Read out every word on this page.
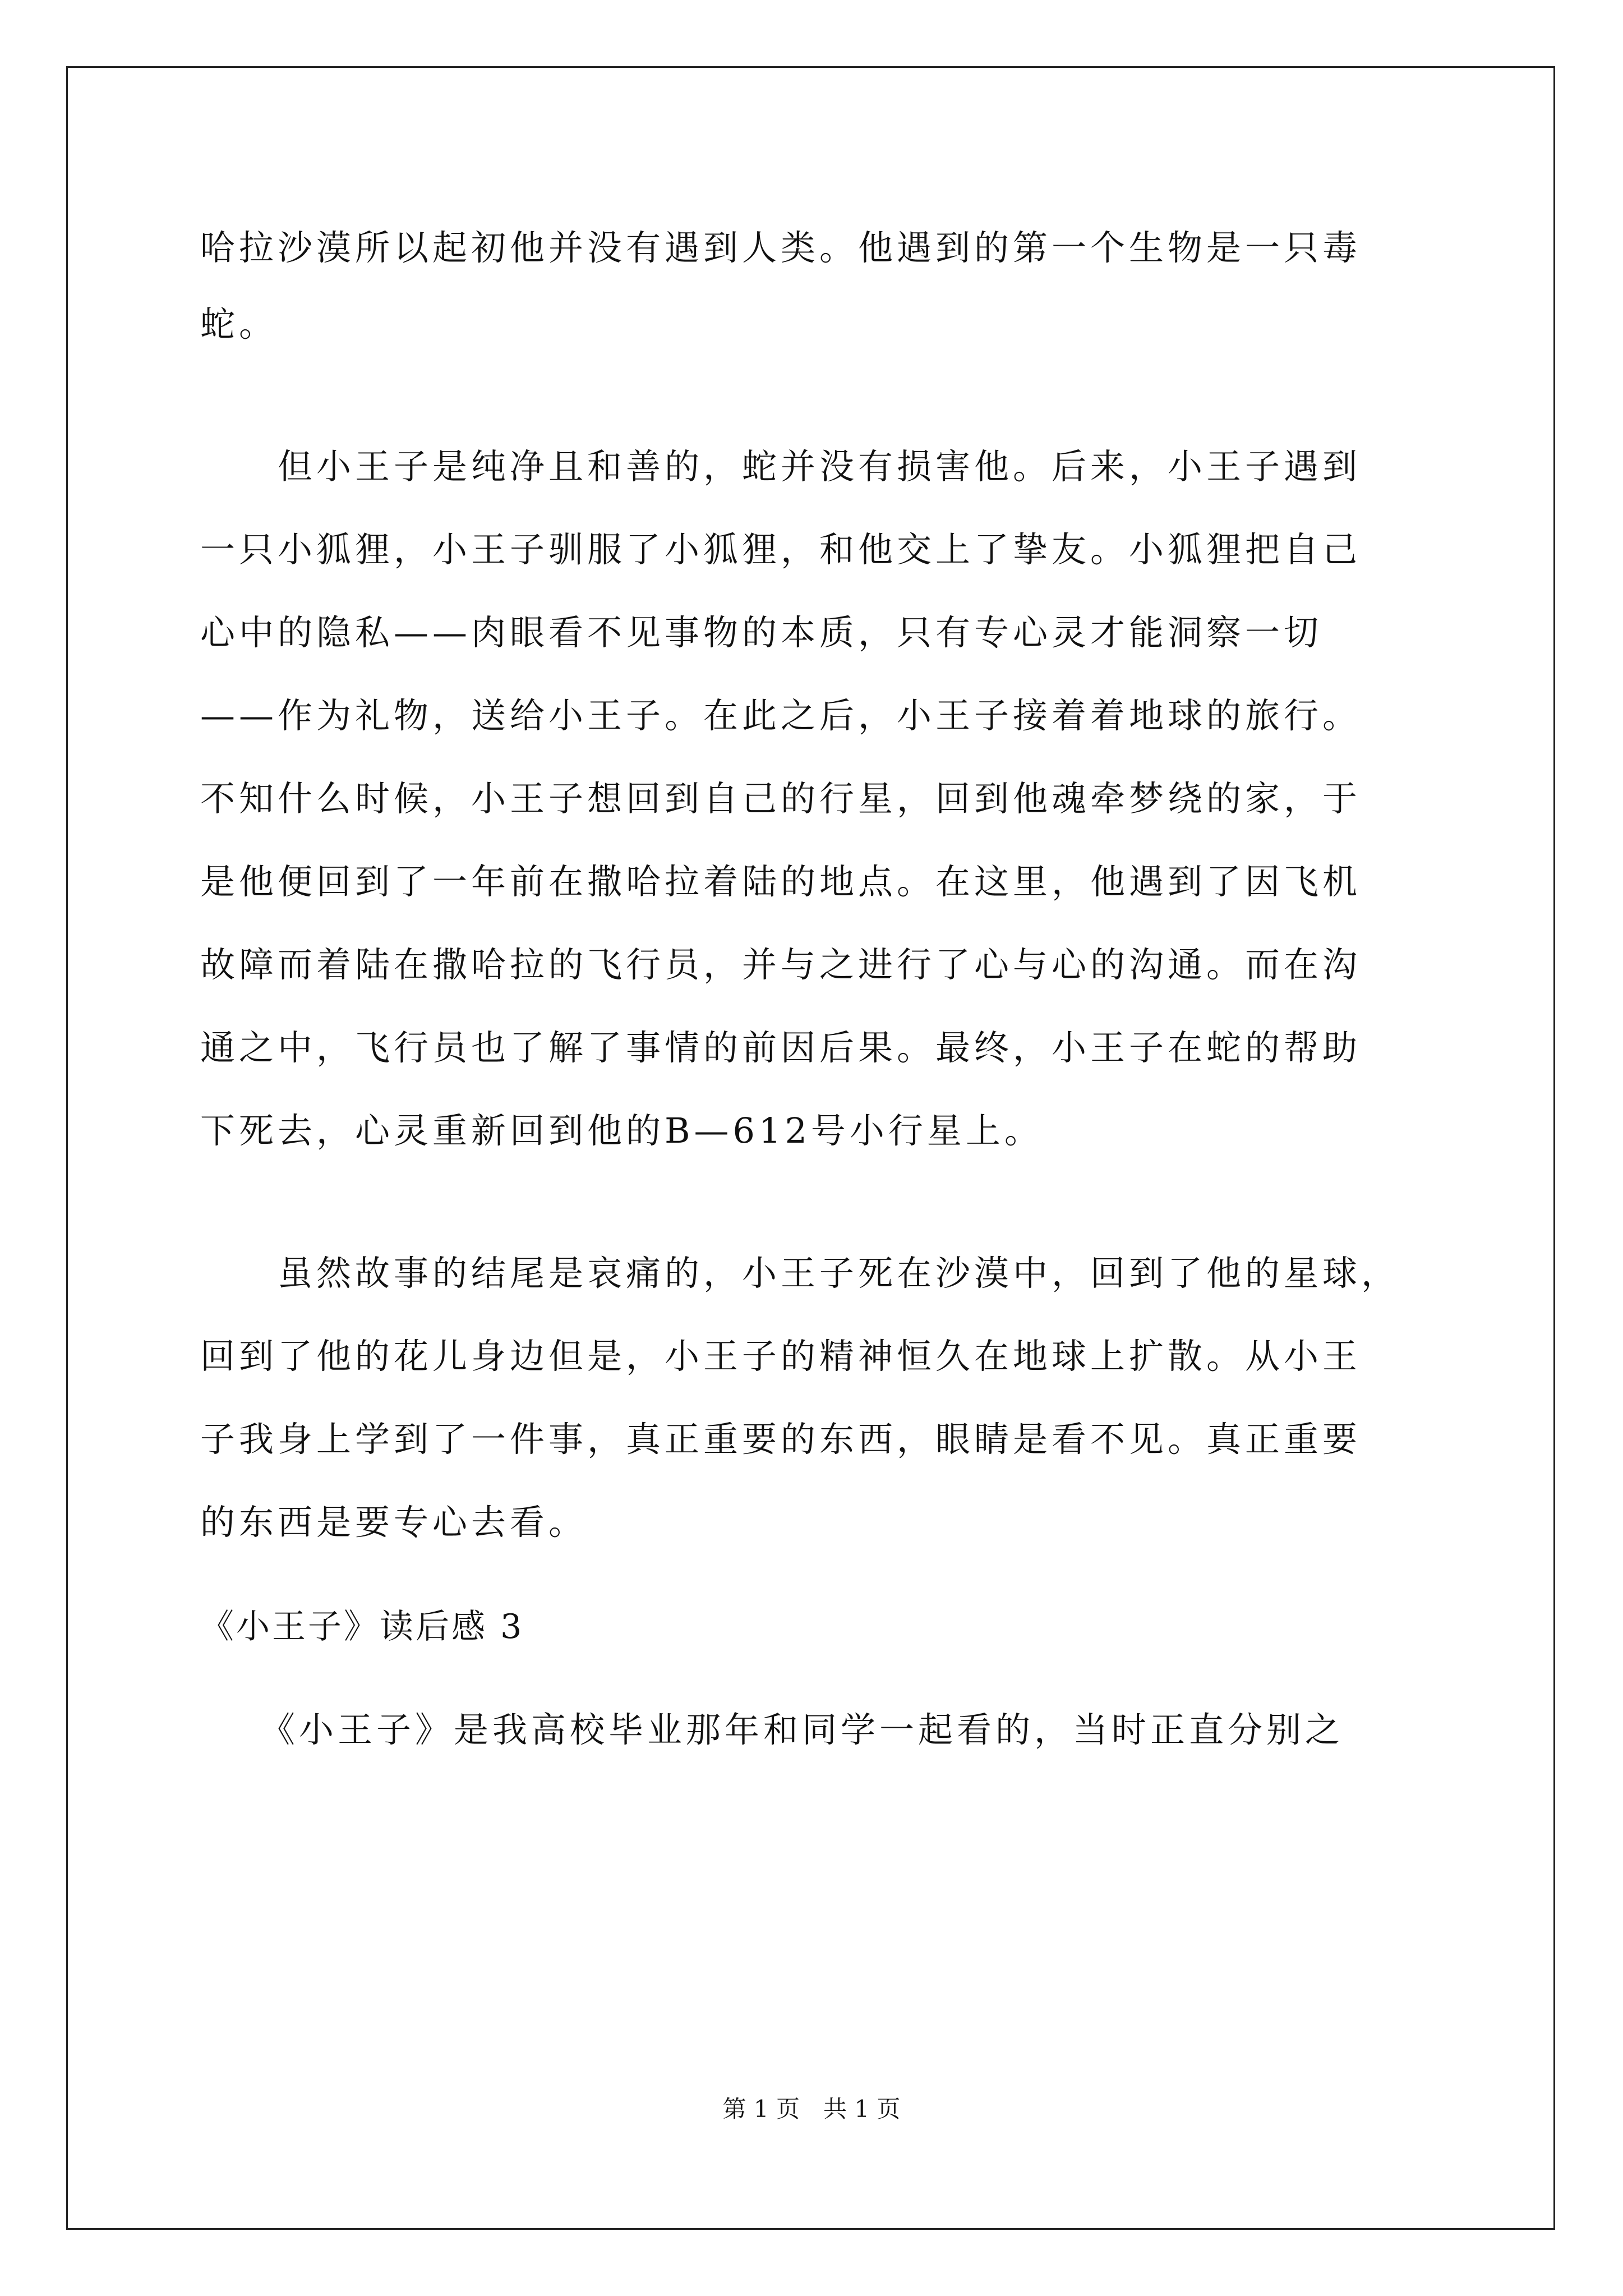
哈拉沙漠所以起初他并没有遇到人类。他遇到的第一个生物是一只毒
蛇。
　　但小王子是纯净且和善的，蛇并没有损害他。后来，小王子遇到
一只小狐狸，小王子驯服了小狐狸，和他交上了挚友。小狐狸把自己
心中的隐私——肉眼看不见事物的本质，只有专心灵才能洞察一切
——作为礼物，送给小王子。在此之后，小王子接着着地球的旅行。
不知什么时候，小王子想回到自己的行星，回到他魂牵梦绕的家，于
是他便回到了一年前在撒哈拉着陆的地点。在这里，他遇到了因飞机
故障而着陆在撒哈拉的飞行员，并与之进行了心与心的沟通。而在沟
通之中，飞行员也了解了事情的前因后果。最终，小王子在蛇的帮助
下死去，心灵重新回到他的B—612号小行星上。
　　虽然故事的结尾是哀痛的，小王子死在沙漠中，回到了他的星球，
回到了他的花儿身边但是，小王子的精神恒久在地球上扩散。从小王
子我身上学到了一件事，真正重要的东西，眼睛是看不见。真正重要
的东西是要专心去看。
《小王子》读后感 3
　　《小王子》是我高校毕业那年和同学一起看的，当时正直分别之
第 1 页　共 1 页
